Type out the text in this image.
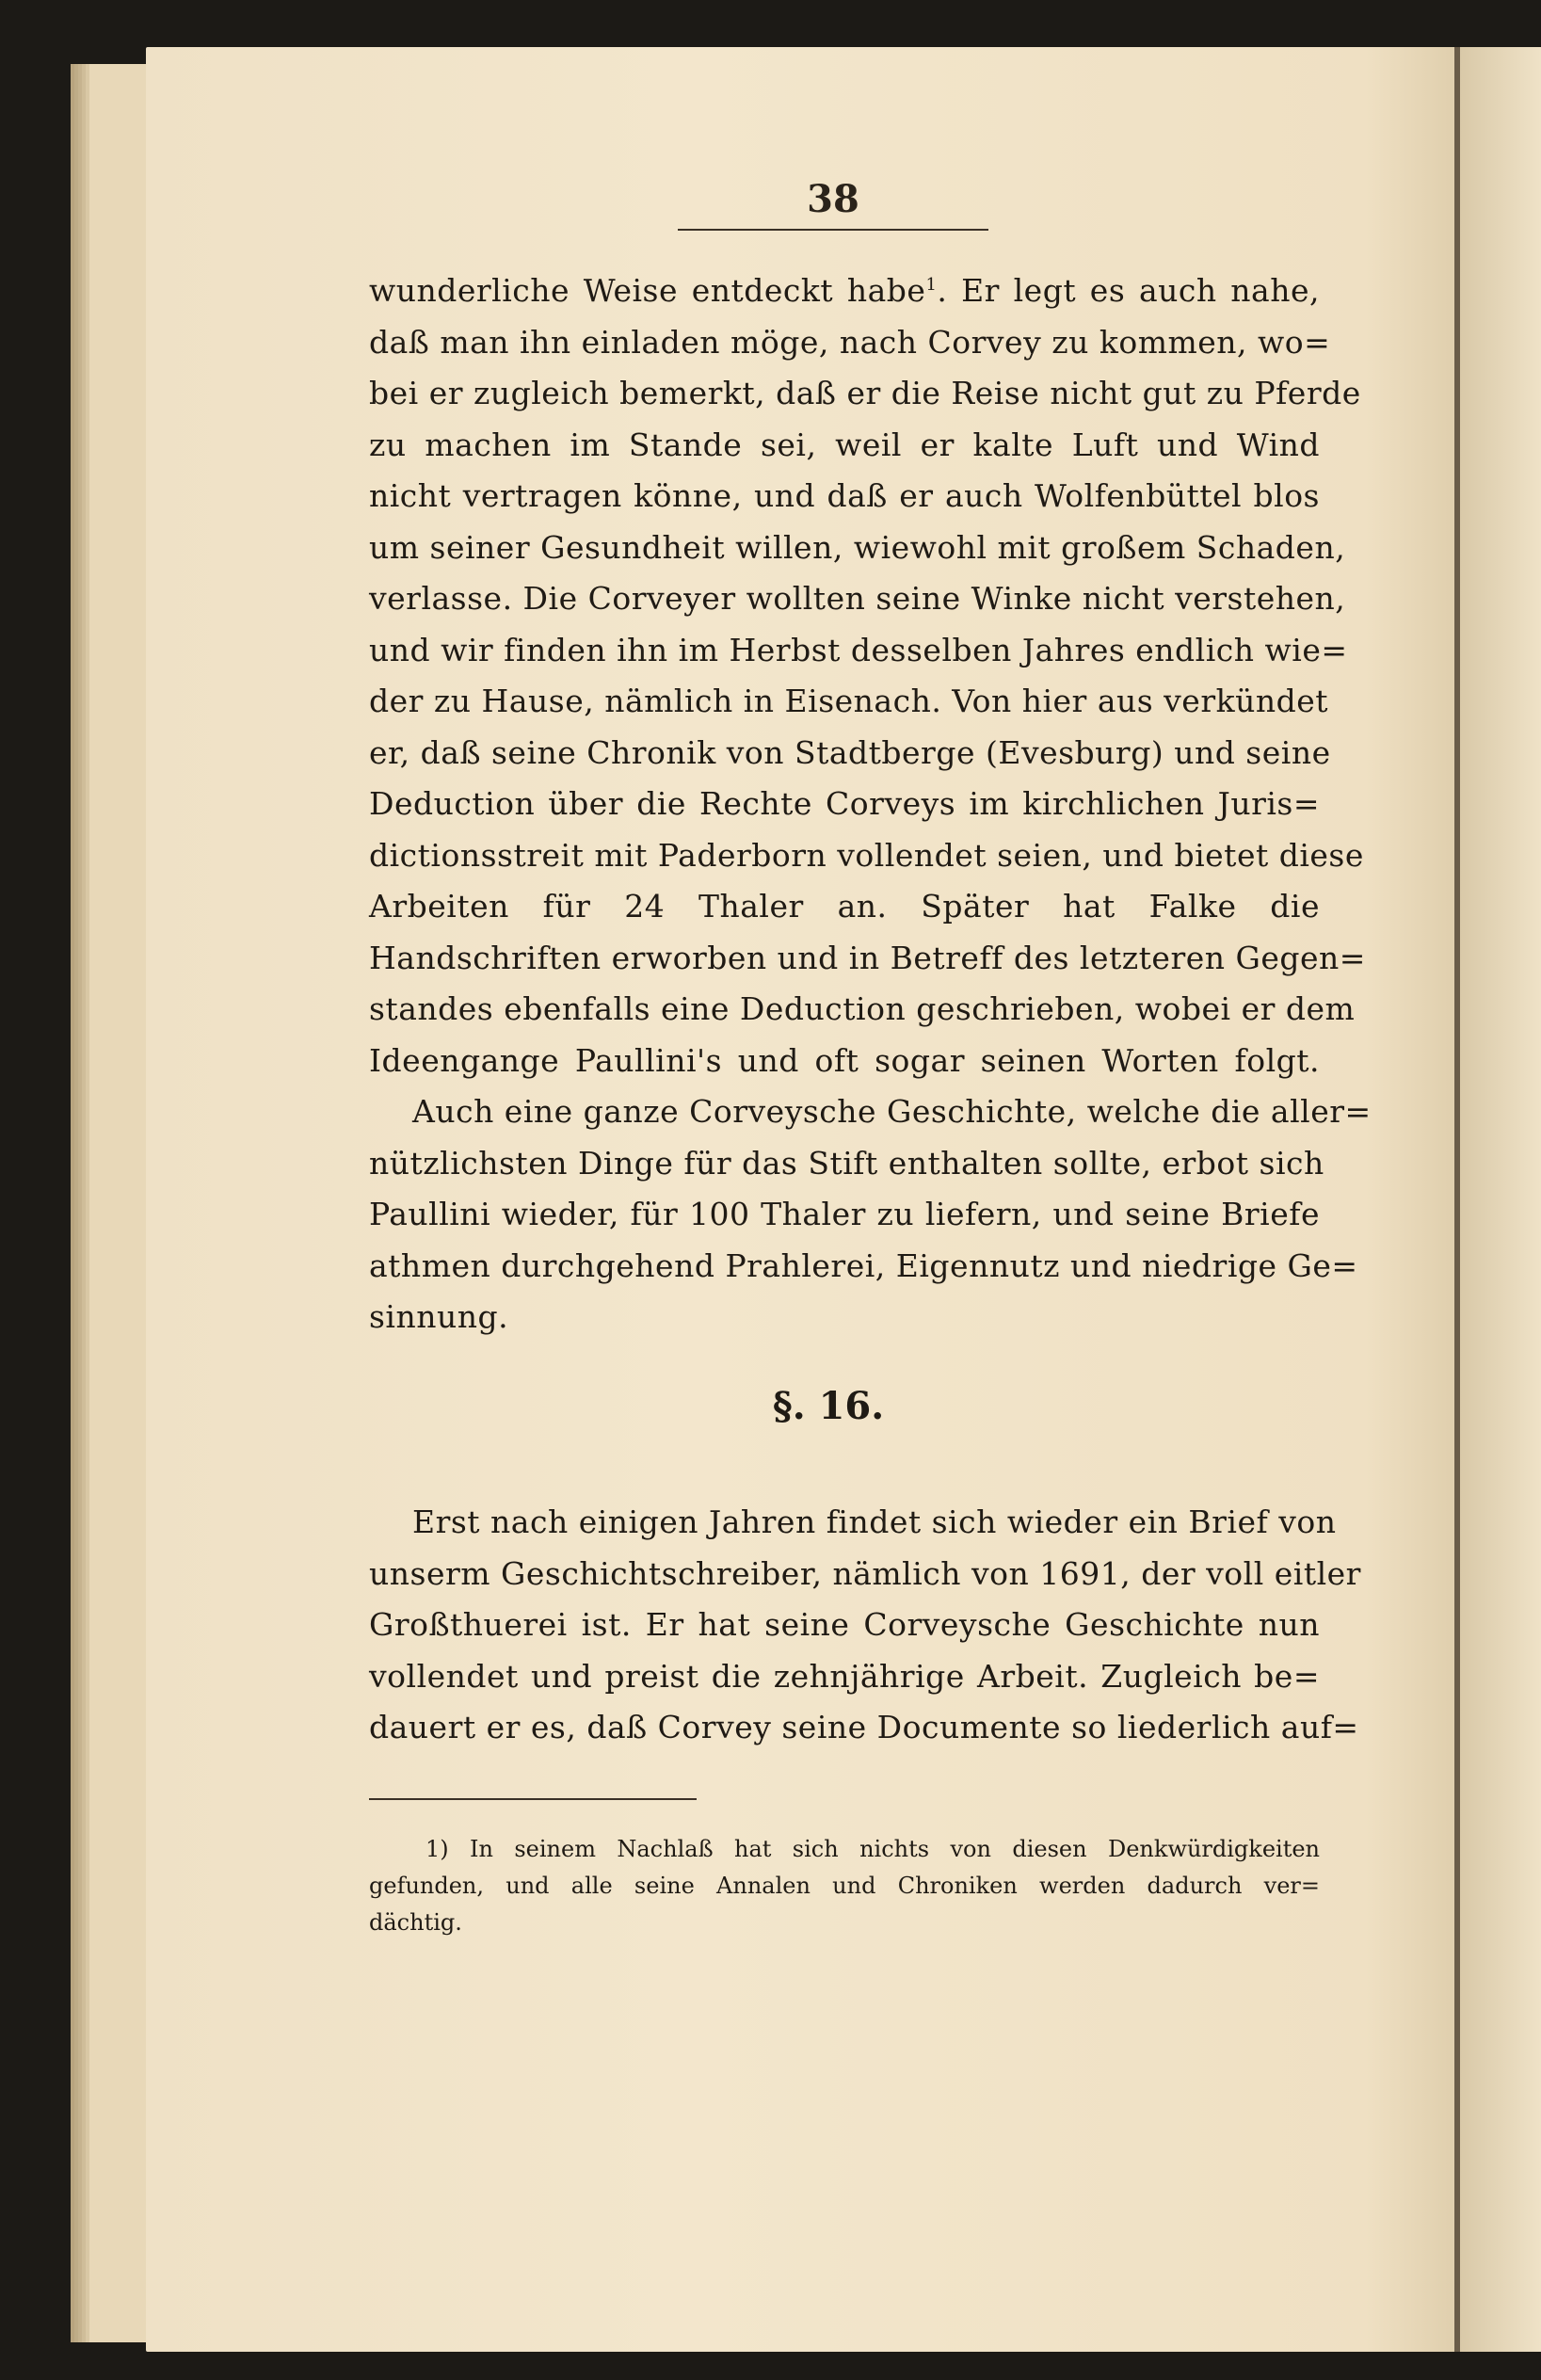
38
wunderliche Weise entdeckt habe$^1$. Er legt es auch nahe,
daß man ihn einladen möge, nach Corvey zu kommen, wo=
bei er zugleich bemerkt, daß er die Reise nicht gut zu Pferde
zu machen im Stande sei, weil er kalte Luft und Wind
nicht vertragen könne, und daß er auch Wolfenbüttel blos
um seiner Gesundheit willen, wiewohl mit großem Schaden,
verlasse. Die Corveyer wollten seine Winke nicht verstehen,
und wir finden ihn im Herbst desselben Jahres endlich wie=
der zu Hause, nämlich in Eisenach. Von hier aus verkündet
er, daß seine Chronik von Stadtberge (Evesburg) und seine
Deduction über die Rechte Corveys im kirchlichen Juris=
dictionsstreit mit Paderborn vollendet seien, und bietet diese
Arbeiten für 24 Thaler an. Später hat Falke die
Handschriften erworben und in Betreff des letzteren Gegen=
standes ebenfalls eine Deduction geschrieben, wobei er dem
Ideengange Paullini's und oft sogar seinen Worten folgt.
Auch eine ganze Corveysche Geschichte, welche die aller=
nützlichsten Dinge für das Stift enthalten sollte, erbot sich
Paullini wieder, für 100 Thaler zu liefern, und seine Briefe
athmen durchgehend Prahlerei, Eigennutz und niedrige Ge=
sinnung.
§. 16.
Erst nach einigen Jahren findet sich wieder ein Brief von
unserm Geschichtschreiber, nämlich von 1691, der voll eitler
Großthuerei ist. Er hat seine Corveysche Geschichte nun
vollendet und preist die zehnjährige Arbeit. Zugleich be=
dauert er es, daß Corvey seine Documente so liederlich auf=
1) In seinem Nachlaß hat sich nichts von diesen Denkwürdigkeiten
gefunden, und alle seine Annalen und Chroniken werden dadurch ver=
dächtig.
